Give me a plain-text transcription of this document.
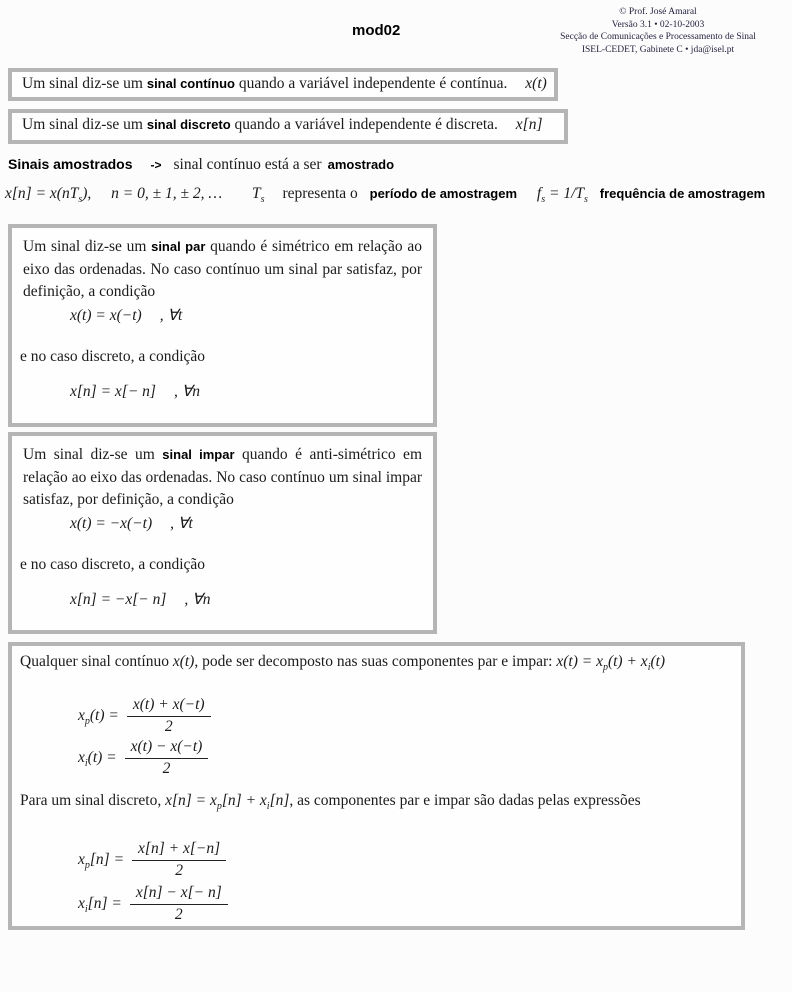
© Prof. José Amaral
Versão 3.1 • 02-10-2003
Secção de Comunicações e Processamento de Sinal
ISEL-CEDET, Gabinete C • jda@isel.pt
mod02

Um sinal diz-se um sinal contínuo quando a variável independente é contínua. x(t)

Um sinal diz-se um sinal discreto quando a variável independente é discreta. x[n]

Sinais amostrados -> sinal contínuo está a ser amostrado
$x[n] = x(nT_s)$, n = 0, ± 1, ± 2, … $T_s$ representa o período de amostragem $f_s = 1/T_s$ frequência de amostragem

Um sinal diz-se um sinal par quando é simétrico em relação ao eixo das ordenadas. No caso contínuo um sinal par satisfaz, por definição, a condição

x(t) = x(−t) , ∀t
e no caso discreto, a condição
x[n] = x[− n] , ∀n

Um sinal diz-se um sinal impar quando é anti-simétrico em relação ao eixo das ordenadas. No caso contínuo um sinal impar satisfaz, por definição, a condição

x(t) = −x(−t) , ∀t
e no caso discreto, a condição
x[n] = −x[− n] , ∀n

Qualquer sinal contínuo x(t), pode ser decomposto nas suas componentes par e impar: $x(t) = x_p(t) + x_i(t)$

$x_p(t) = \frac{x(t) + x(-t)}{2}$
$x_i(t) = \frac{x(t) - x(-t)}{2}$
Para um sinal discreto, $x[n] = x_p[n] + x_i[n]$, as componentes par e impar são dadas pelas expressões
$x_p[n] = \frac{x[n] + x[-n]}{2}$
$x_i[n] = \frac{x[n] - x[- n]}{2}$
